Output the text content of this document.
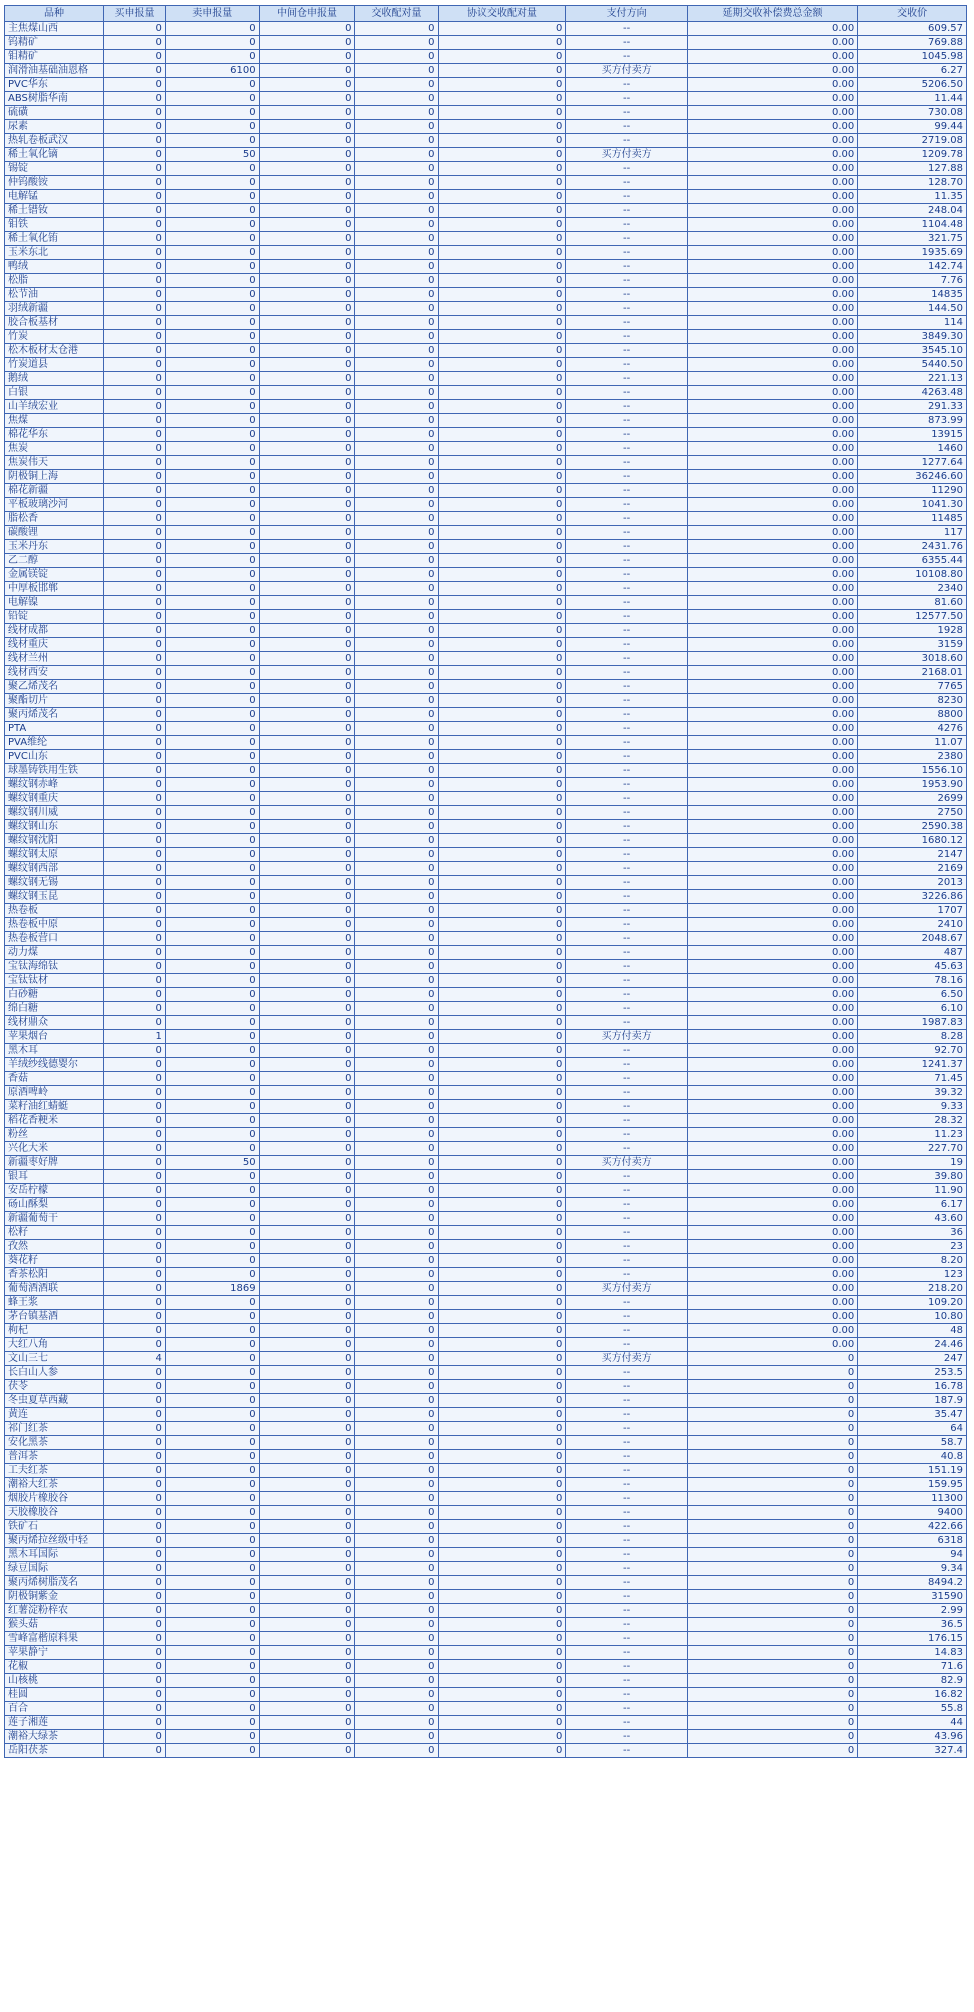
品种	买申报量	卖申报量	中间仓申报量	交收配对量	协议交收配对量	支付方向	延期交收补偿费总金额	交收价
主焦煤山西	0	0	0	0	0	--	0.00	609.57
钨精矿	0	0	0	0	0	--	0.00	769.88
钼精矿	0	0	0	0	0	--	0.00	1045.98
润滑油基础油恩格	0	6100	0	0	0	买方付卖方	0.00	6.27
PVC华东	0	0	0	0	0	--	0.00	5206.50
ABS树脂华南	0	0	0	0	0	--	0.00	11.44
硫磺	0	0	0	0	0	--	0.00	730.08
尿素	0	0	0	0	0	--	0.00	99.44
热轧卷板武汉	0	0	0	0	0	--	0.00	2719.08
稀土氧化镝	0	50	0	0	0	买方付卖方	0.00	1209.78
锡锭	0	0	0	0	0	--	0.00	127.88
仲钨酸铵	0	0	0	0	0	--	0.00	128.70
电解锰	0	0	0	0	0	--	0.00	11.35
稀土镨钕	0	0	0	0	0	--	0.00	248.04
钼铁	0	0	0	0	0	--	0.00	1104.48
稀土氧化铕	0	0	0	0	0	--	0.00	321.75
玉米东北	0	0	0	0	0	--	0.00	1935.69
鸭绒	0	0	0	0	0	--	0.00	142.74
松脂	0	0	0	0	0	--	0.00	7.76
松节油	0	0	0	0	0	--	0.00	14835
羽绒新疆	0	0	0	0	0	--	0.00	144.50
胶合板基材	0	0	0	0	0	--	0.00	114
竹炭	0	0	0	0	0	--	0.00	3849.30
松木板材太仓港	0	0	0	0	0	--	0.00	3545.10
竹炭道县	0	0	0	0	0	--	0.00	5440.50
鹅绒	0	0	0	0	0	--	0.00	221.13
白银	0	0	0	0	0	--	0.00	4263.48
山羊绒宏业	0	0	0	0	0	--	0.00	291.33
焦煤	0	0	0	0	0	--	0.00	873.99
棉花华东	0	0	0	0	0	--	0.00	13915
焦炭	0	0	0	0	0	--	0.00	1460
焦炭伟天	0	0	0	0	0	--	0.00	1277.64
阴极铜上海	0	0	0	0	0	--	0.00	36246.60
棉花新疆	0	0	0	0	0	--	0.00	11290
平板玻璃沙河	0	0	0	0	0	--	0.00	1041.30
脂松香	0	0	0	0	0	--	0.00	11485
碳酸锂	0	0	0	0	0	--	0.00	117
玉米丹东	0	0	0	0	0	--	0.00	2431.76
乙二醇	0	0	0	0	0	--	0.00	6355.44
金属镁锭	0	0	0	0	0	--	0.00	10108.80
中厚板邯郸	0	0	0	0	0	--	0.00	2340
电解镍	0	0	0	0	0	--	0.00	81.60
铅锭	0	0	0	0	0	--	0.00	12577.50
线材成都	0	0	0	0	0	--	0.00	1928
线材重庆	0	0	0	0	0	--	0.00	3159
线材兰州	0	0	0	0	0	--	0.00	3018.60
线材西安	0	0	0	0	0	--	0.00	2168.01
聚乙烯茂名	0	0	0	0	0	--	0.00	7765
聚酯切片	0	0	0	0	0	--	0.00	8230
聚丙烯茂名	0	0	0	0	0	--	0.00	8800
PTA	0	0	0	0	0	--	0.00	4276
PVA维纶	0	0	0	0	0	--	0.00	11.07
PVC山东	0	0	0	0	0	--	0.00	2380
球墨铸铁用生铁	0	0	0	0	0	--	0.00	1556.10
螺纹钢赤峰	0	0	0	0	0	--	0.00	1953.90
螺纹钢重庆	0	0	0	0	0	--	0.00	2699
螺纹钢川威	0	0	0	0	0	--	0.00	2750
螺纹钢山东	0	0	0	0	0	--	0.00	2590.38
螺纹钢沈阳	0	0	0	0	0	--	0.00	1680.12
螺纹钢太原	0	0	0	0	0	--	0.00	2147
螺纹钢西部	0	0	0	0	0	--	0.00	2169
螺纹钢无锡	0	0	0	0	0	--	0.00	2013
螺纹钢玉昆	0	0	0	0	0	--	0.00	3226.86
热卷板	0	0	0	0	0	--	0.00	1707
热卷板中原	0	0	0	0	0	--	0.00	2410
热卷板营口	0	0	0	0	0	--	0.00	2048.67
动力煤	0	0	0	0	0	--	0.00	487
宝钛海绵钛	0	0	0	0	0	--	0.00	45.63
宝钛钛材	0	0	0	0	0	--	0.00	78.16
白砂糖	0	0	0	0	0	--	0.00	6.50
绵白糖	0	0	0	0	0	--	0.00	6.10
线材鼎众	0	0	0	0	0	--	0.00	1987.83
苹果烟台	1	0	0	0	0	买方付卖方	0.00	8.28
黑木耳	0	0	0	0	0	--	0.00	92.70
羊绒纱线德婴尔	0	0	0	0	0	--	0.00	1241.37
香菇	0	0	0	0	0	--	0.00	71.45
原酒啤岭	0	0	0	0	0	--	0.00	39.32
菜籽油红蜻蜓	0	0	0	0	0	--	0.00	9.33
稻花香粳米	0	0	0	0	0	--	0.00	28.32
粉丝	0	0	0	0	0	--	0.00	11.23
兴化大米	0	0	0	0	0	--	0.00	227.70
新疆枣好牌	0	50	0	0	0	买方付卖方	0.00	19
银耳	0	0	0	0	0	--	0.00	39.80
安岳柠檬	0	0	0	0	0	--	0.00	11.90
砀山酥梨	0	0	0	0	0	--	0.00	6.17
新疆葡萄干	0	0	0	0	0	--	0.00	43.60
松籽	0	0	0	0	0	--	0.00	36
孜然	0	0	0	0	0	--	0.00	23
葵花籽	0	0	0	0	0	--	0.00	8.20
香茶松阳	0	0	0	0	0	--	0.00	123
葡萄酒酒联	0	1869	0	0	0	买方付卖方	0.00	218.20
蜂王浆	0	0	0	0	0	--	0.00	109.20
茅台镇基酒	0	0	0	0	0	--	0.00	10.80
枸杞	0	0	0	0	0	--	0.00	48
大红八角	0	0	0	0	0	--	0.00	24.46
文山三七	4	0	0	0	0	买方付卖方	0	247
长白山人参	0	0	0	0	0	--	0	253.5
茯苓	0	0	0	0	0	--	0	16.78
冬虫夏草西藏	0	0	0	0	0	--	0	187.9
黄连	0	0	0	0	0	--	0	35.47
祁门红茶	0	0	0	0	0	--	0	64
安化黑茶	0	0	0	0	0	--	0	58.7
普洱茶	0	0	0	0	0	--	0	40.8
工夫红茶	0	0	0	0	0	--	0	151.19
潮裕大红茶	0	0	0	0	0	--	0	159.95
烟胶片橡胶谷	0	0	0	0	0	--	0	11300
天胶橡胶谷	0	0	0	0	0	--	0	9400
铁矿石	0	0	0	0	0	--	0	422.66
聚丙烯拉丝级中轻	0	0	0	0	0	--	0	6318
黑木耳国际	0	0	0	0	0	--	0	94
绿豆国际	0	0	0	0	0	--	0	9.34
聚丙烯树脂茂名	0	0	0	0	0	--	0	8494.2
阴极铜紫金	0	0	0	0	0	--	0	31590
红薯淀粉梓农	0	0	0	0	0	--	0	2.99
猴头菇	0	0	0	0	0	--	0	36.5
雪峰富楷原料果	0	0	0	0	0	--	0	176.15
苹果静宁	0	0	0	0	0	--	0	14.83
花椒	0	0	0	0	0	--	0	71.6
山核桃	0	0	0	0	0	--	0	82.9
桂圆	0	0	0	0	0	--	0	16.82
百合	0	0	0	0	0	--	0	55.8
莲子湘莲	0	0	0	0	0	--	0	44
潮裕大绿茶	0	0	0	0	0	--	0	43.96
岳阳茯茶	0	0	0	0	0	--	0	327.4
